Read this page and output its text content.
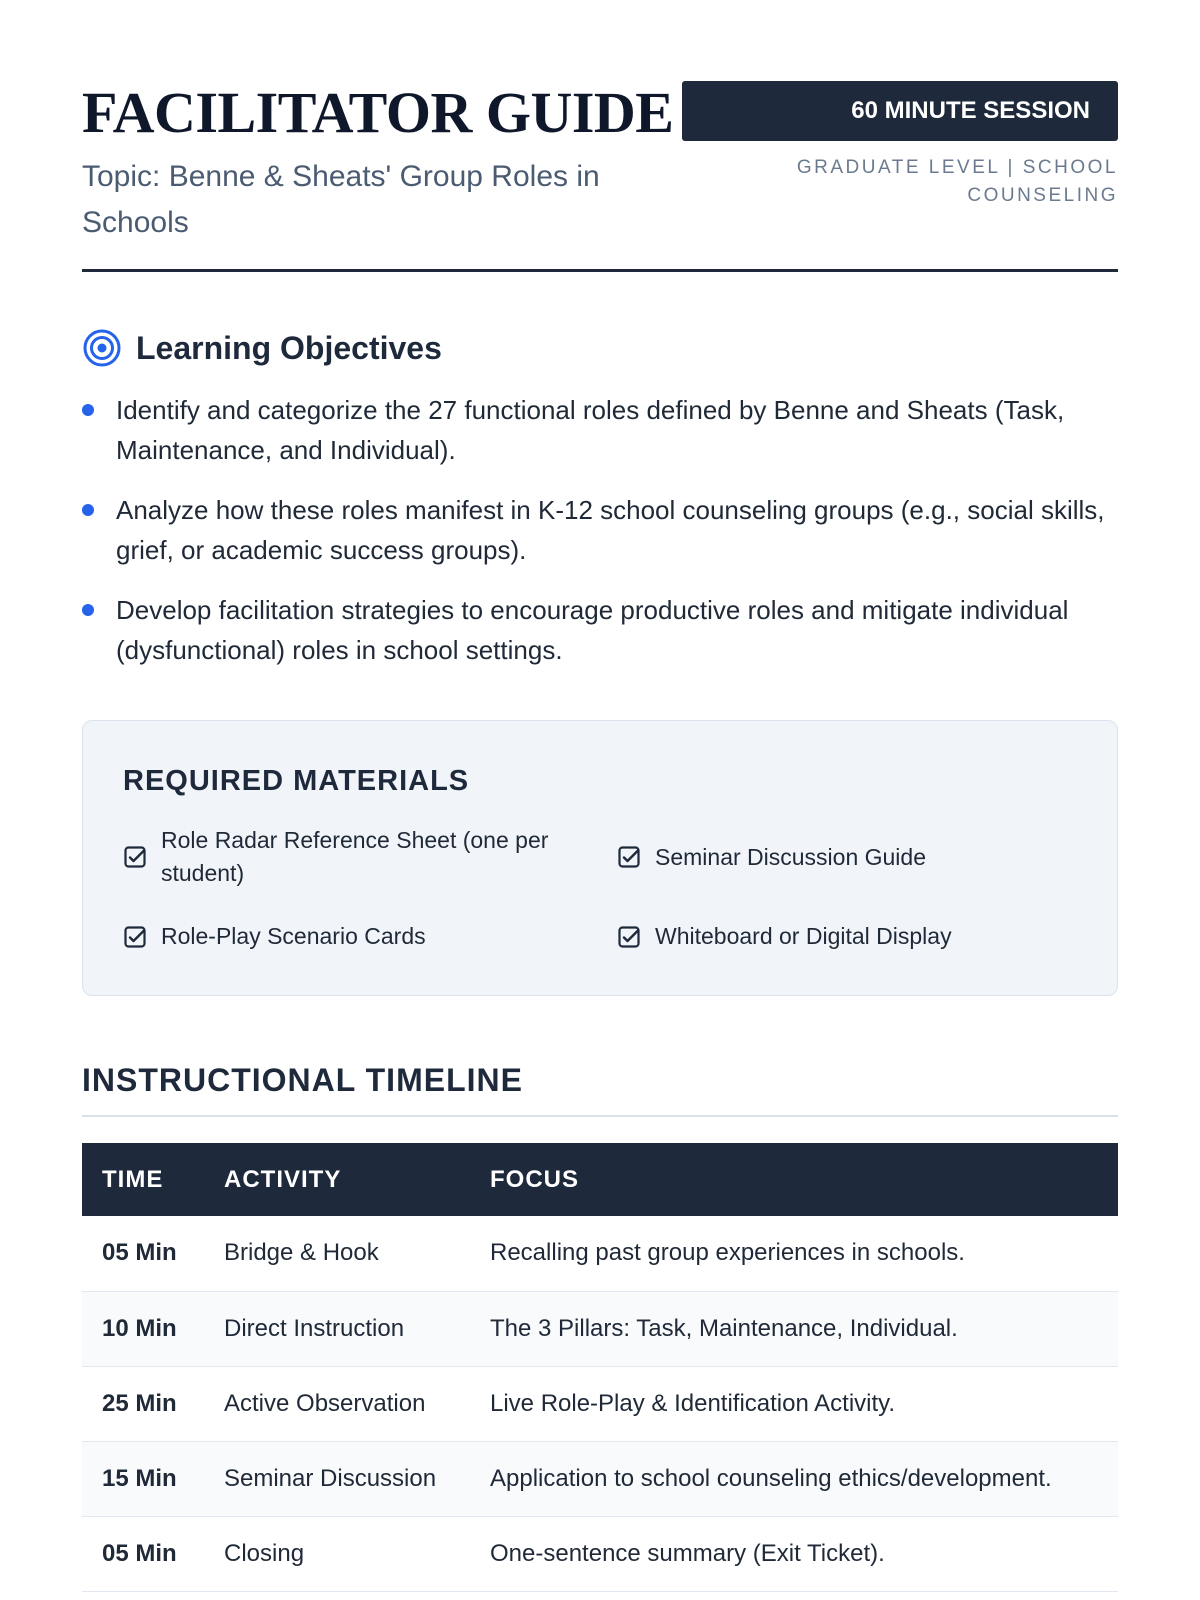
FACILITATOR GUIDE
Topic: Benne & Sheats' Group Roles in Schools
60 MINUTE SESSION
GRADUATE LEVEL | SCHOOL COUNSELING
Learning Objectives
Identify and categorize the 27 functional roles defined by Benne and Sheats (Task, Maintenance, and Individual).
Analyze how these roles manifest in K-12 school counseling groups (e.g., social skills, grief, or academic success groups).
Develop facilitation strategies to encourage productive roles and mitigate individual (dysfunctional) roles in school settings.
REQUIRED MATERIALS
Role Radar Reference Sheet (one per student)
Seminar Discussion Guide
Role-Play Scenario Cards	Whiteboard or Digital Display
INSTRUCTIONAL TIMELINE
TIME	ACTIVITY	FOCUS
05 Min	Bridge & Hook	Recalling past group experiences in schools.
10 Min	Direct Instruction	The 3 Pillars: Task, Maintenance, Individual.
25 Min	Active Observation	Live Role-Play & Identification Activity.
15 Min	Seminar Discussion	Application to school counseling ethics/development.
05 Min	Closing	One-sentence summary (Exit Ticket).
